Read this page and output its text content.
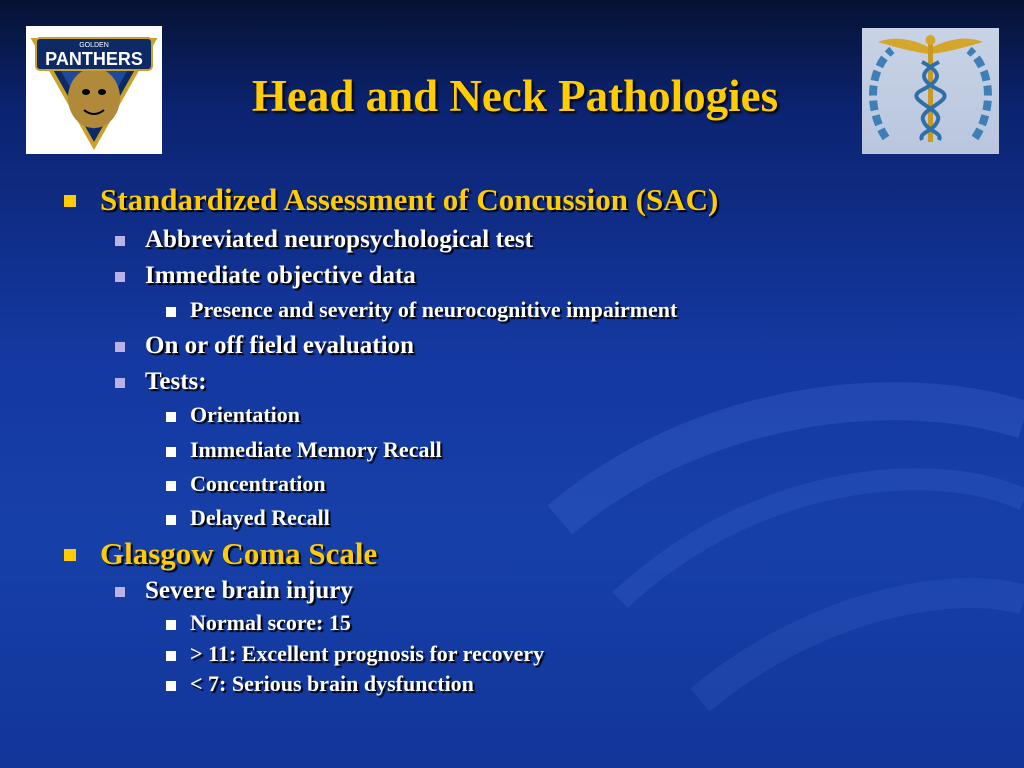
GOLDEN
PANTHERS
Head and Neck Pathologies
Standardized Assessment of Concussion (SAC)
Abbreviated neuropsychological test
Immediate objective data
Presence and severity of neurocognitive impairment
On or off field evaluation
Tests:
Orientation
Immediate Memory Recall
Concentration
Delayed Recall
Glasgow Coma Scale
Severe brain injury
Normal score: 15
> 11: Excellent prognosis for recovery
< 7: Serious brain dysfunction
